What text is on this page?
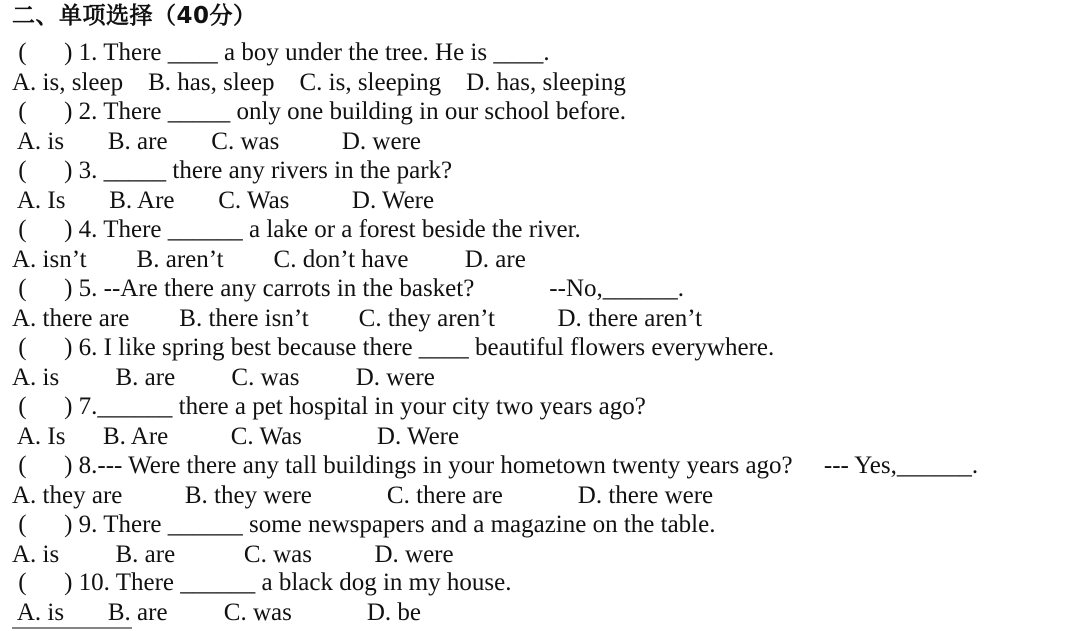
二、单项选择（40分）
(      ) 1. There ____ a boy under the tree. He is ____.
A. is, sleep    B. has, sleep    C. is, sleeping    D. has, sleeping
(      ) 2. There _____ only one building in our school before.
A. is       B. are       C. was          D. were
(      ) 3. _____ there any rivers in the park?
A. Is       B. Are       C. Was          D. Were
(      ) 4. There ______ a lake or a forest beside the river.
A. isn’t        B. aren’t        C. don’t have         D. are
(      ) 5. --Are there any carrots in the basket?            --No,______.
A. there are        B. there isn’t        C. they aren’t          D. there aren’t
(      ) 6. I like spring best because there ____ beautiful flowers everywhere.
A. is         B. are         C. was         D. were
(      ) 7.______ there a pet hospital in your city two years ago?
A. Is      B. Are          C. Was            D. Were
(      ) 8.--- Were there any tall buildings in your hometown twenty years ago?     --- Yes,______.
A. they are          B. they were            C. there are            D. there were
(      ) 9. There ______ some newspapers and a magazine on the table.
A. is         B. are           C. was          D. were
(      ) 10. There ______ a black dog in my house.
A. is       B. are         C. was            D. be
